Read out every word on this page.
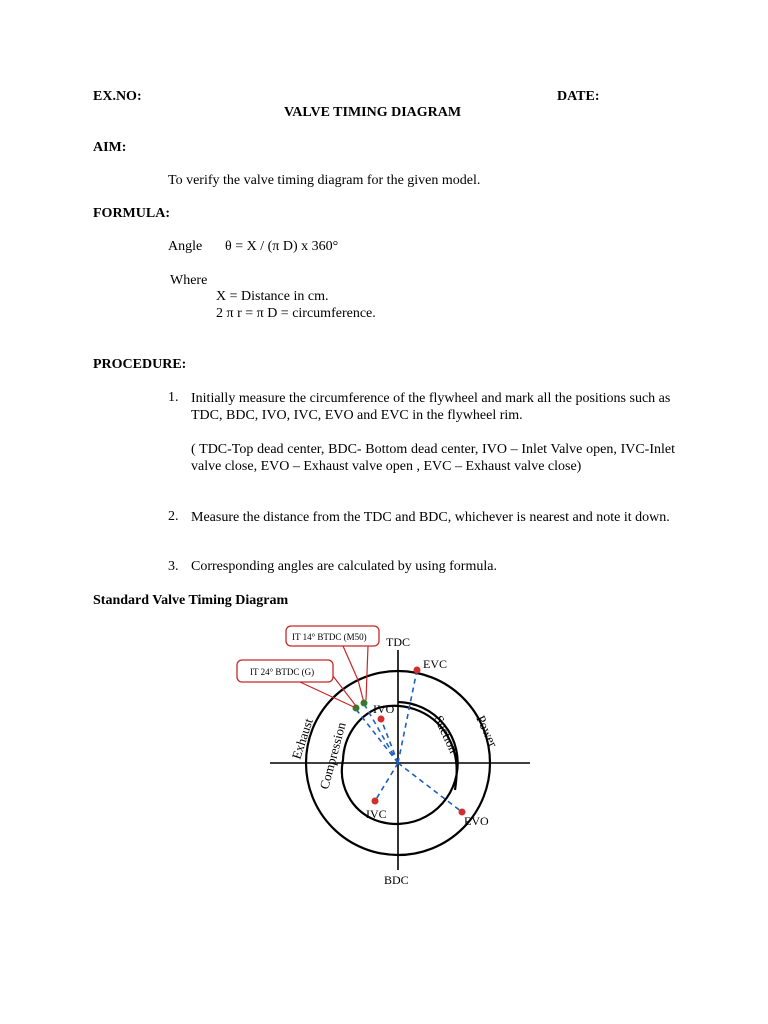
EX.NO:	DATE:
VALVE TIMING DIAGRAM
AIM:
To verify the valve timing diagram for the given model.
FORMULA:
Angle θ = X / (π D) x 360°
Where
X = Distance in cm.
2 π r = π D = circumference.
PROCEDURE:
1. Initially measure the circumference of the flywheel and mark all the positions such as TDC, BDC, IVO, IVC, EVO and EVC in the flywheel rim.
( TDC-Top dead center, BDC- Bottom dead center, IVO – Inlet Valve open, IVC-Inlet valve close, EVO – Exhaust valve open , EVC – Exhaust valve close)
2. Measure the distance from the TDC and BDC, whichever is nearest and note it down.
3. Corresponding angles are calculated by using formula.
Standard Valve Timing Diagram
IT 14° BTDC (M50)
IT 24° BTDC (G)
TDC
BDC
EVC
IVO
IVC	EVO
Exhaust Compression	Suction Power
